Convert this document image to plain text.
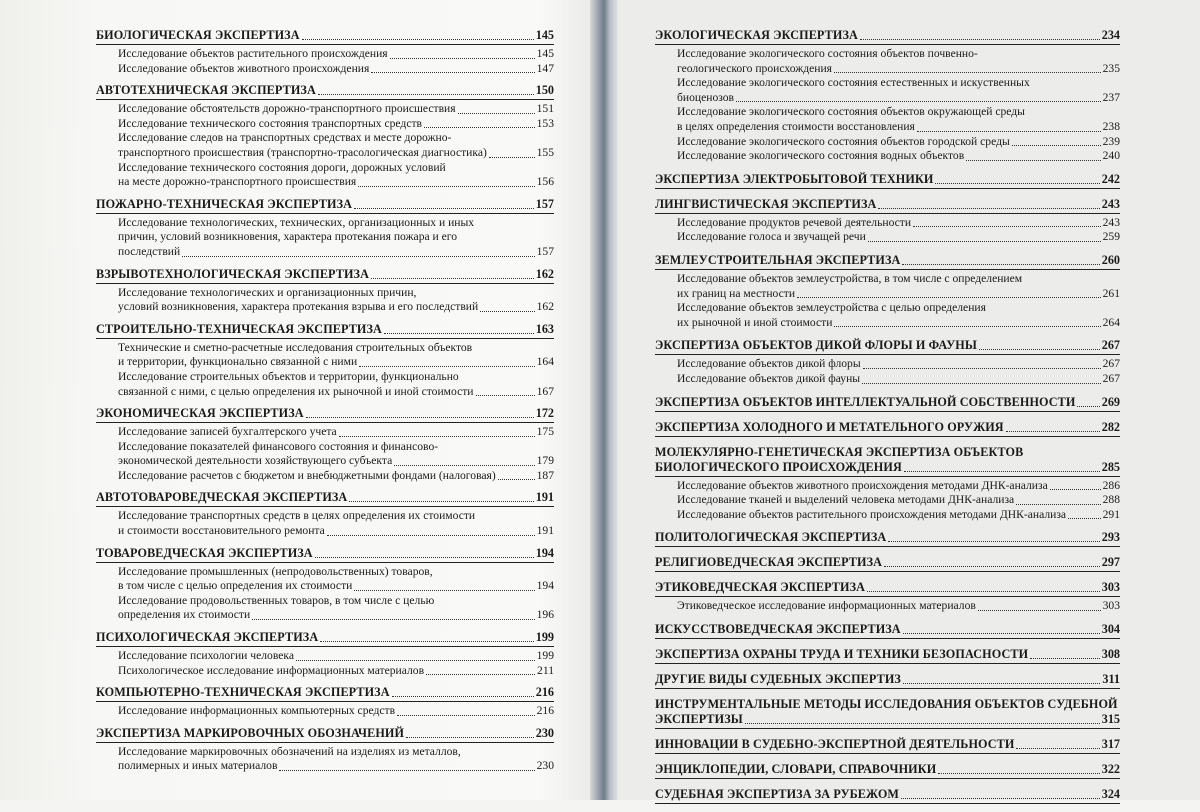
БИОЛОГИЧЕСКАЯ ЭКСПЕРТИЗА	145
Исследование объектов растительного происхождения	145
Исследование объектов животного происхождения	147
АВТОТЕХНИЧЕСКАЯ ЭКСПЕРТИЗА	150
Исследование обстоятельств дорожно-транспортного происшествия	151
Исследование технического состояния транспортных средств	153
Исследование следов на транспортных средствах и месте дорожно-
транспортного происшествия (транспортно-трасологическая диагностика)	155
Исследование технического состояния дороги, дорожных условий
на месте дорожно-транспортного происшествия	156
ПОЖАРНО-ТЕХНИЧЕСКАЯ ЭКСПЕРТИЗА	157
Исследование технологических, технических, организационных и иных
причин, условий возникновения, характера протекания пожара и его
последствий	157
ВЗРЫВОТЕХНОЛОГИЧЕСКАЯ ЭКСПЕРТИЗА	162
Исследование технологических и организационных причин,
условий возникновения, характера протекания взрыва и его последствий	162
СТРОИТЕЛЬНО-ТЕХНИЧЕСКАЯ ЭКСПЕРТИЗА	163
Технические и сметно-расчетные исследования строительных объектов
и территории, функционально связанной с ними	164
Исследование строительных объектов и территории, функционально
связанной с ними, с целью определения их рыночной и иной стоимости	167
ЭКОНОМИЧЕСКАЯ ЭКСПЕРТИЗА	172
Исследование записей бухгалтерского учета	175
Исследование показателей финансового состояния и финансово-
экономической деятельности хозяйствующего субъекта	179
Исследование расчетов с бюджетом и внебюджетными фондами (налоговая)	187
АВТОТОВАРОВЕДЧЕСКАЯ ЭКСПЕРТИЗА	191
Исследование транспортных средств в целях определения их стоимости
и стоимости восстановительного ремонта	191
ТОВАРОВЕДЧЕСКАЯ ЭКСПЕРТИЗА	194
Исследование промышленных (непродовольственных) товаров,
в том числе с целью определения их стоимости	194
Исследование продовольственных товаров, в том числе с целью
определения их стоимости	196
ПСИХОЛОГИЧЕСКАЯ ЭКСПЕРТИЗА	199
Исследование психологии человека	199
Психологическое исследование информационных материалов	211
КОМПЬЮТЕРНО-ТЕХНИЧЕСКАЯ ЭКСПЕРТИЗА	216
Исследование информационных компьютерных средств	216
ЭКСПЕРТИЗА МАРКИРОВОЧНЫХ ОБОЗНАЧЕНИЙ	230
Исследование маркировочных обозначений на изделиях из металлов,
полимерных и иных материалов	230
ЭКОЛОГИЧЕСКАЯ ЭКСПЕРТИЗА	234
Исследование экологического состояния объектов почвенно-
геологического происхождения	235
Исследование экологического состояния естественных и искуственных
биоценозов	237
Исследование экологического состояния объектов окружающей среды
в целях определения стоимости восстановления	238
Исследование экологического состояния объектов городской среды	239
Исследование экологического состояния водных объектов	240
ЭКСПЕРТИЗА ЭЛЕКТРОБЫТОВОЙ ТЕХНИКИ	242
ЛИНГВИСТИЧЕСКАЯ ЭКСПЕРТИЗА	243
Исследование продуктов речевой деятельности	243
Исследование голоса и звучащей речи	259
ЗЕМЛЕУСТРОИТЕЛЬНАЯ ЭКСПЕРТИЗА	260
Исследование объектов землеустройства, в том числе с определением
их границ на местности	261
Исследование объектов землеустройства с целью определения
их рыночной и иной стоимости	264
ЭКСПЕРТИЗА ОБЪЕКТОВ ДИКОЙ ФЛОРЫ И ФАУНЫ	267
Исследование объектов дикой флоры	267
Исследование объектов дикой фауны	267
ЭКСПЕРТИЗА ОБЪЕКТОВ ИНТЕЛЛЕКТУАЛЬНОЙ СОБСТВЕННОСТИ 269
ЭКСПЕРТИЗА ХОЛОДНОГО И МЕТАТЕЛЬНОГО ОРУЖИЯ	282
МОЛЕКУЛЯРНО-ГЕНЕТИЧЕСКАЯ ЭКСПЕРТИЗА ОБЪЕКТОВ
БИОЛОГИЧЕСКОГО ПРОИСХОЖДЕНИЯ	285
Исследование объектов животного происхождения методами ДНК-анализа	286
Исследование тканей и выделений человека методами ДНК-анализа	288
Исследование объектов растительного происхождения методами ДНК-анализа	291
ПОЛИТОЛОГИЧЕСКАЯ ЭКСПЕРТИЗА	293
РЕЛИГИОВЕДЧЕСКАЯ ЭКСПЕРТИЗА	297
ЭТИКОВЕДЧЕСКАЯ ЭКСПЕРТИЗА	303
Этиковедческое исследование информационных материалов	303
ИСКУССТВОВЕДЧЕСКАЯ ЭКСПЕРТИЗА	304
ЭКСПЕРТИЗА ОХРАНЫ ТРУДА И ТЕХНИКИ БЕЗОПАСНОСТИ	308
ДРУГИЕ ВИДЫ СУДЕБНЫХ ЭКСПЕРТИЗ	311
ИНСТРУМЕНТАЛЬНЫЕ МЕТОДЫ ИССЛЕДОВАНИЯ ОБЪЕКТОВ СУДЕБНОЙ
ЭКСПЕРТИЗЫ	315
ИННОВАЦИИ В СУДЕБНО-ЭКСПЕРТНОЙ ДЕЯТЕЛЬНОСТИ	317
ЭНЦИКЛОПЕДИИ, СЛОВАРИ, СПРАВОЧНИКИ	322
СУДЕБНАЯ ЭКСПЕРТИЗА ЗА РУБЕЖОМ	324
